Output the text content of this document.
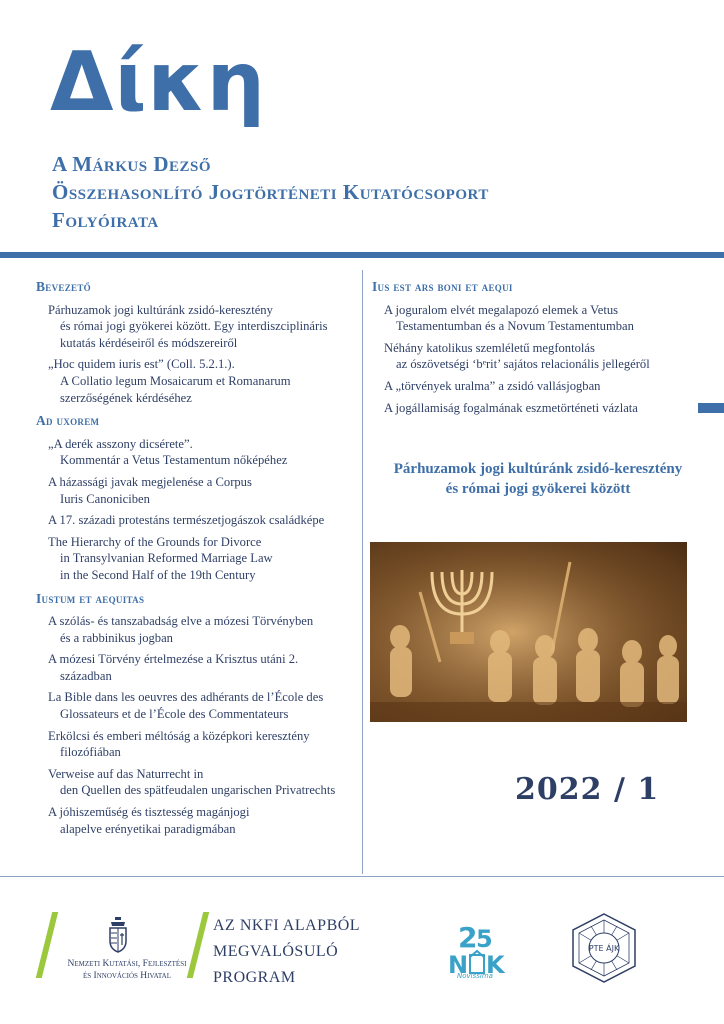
Δίκη
A Márkus Dezső
Összehasonlító Jogtörténeti Kutatócsoport
Folyóirata
Bevezető
Párhuzamok jogi kultúránk zsidó-keresztény
és római jogi gyökerei között. Egy interdiszciplináris
kutatás kérdéseiről és módszereiről
„Hoc quidem iuris est” (Coll. 5.2.1.).
A Collatio legum Mosaicarum et Romanarum
szerzőségének kérdéséhez
Ad uxorem
„A derék asszony dicsérete”.
Kommentár a Vetus Testamentum nőképéhez
A házassági javak megjelenése a Corpus
Iuris Canoniciben
A 17. századi protestáns természetjogászok családképe
The Hierarchy of the Grounds for Divorce
in Transylvanian Reformed Marriage Law
in the Second Half of the 19th Century
Iustum et aequitas
A szólás- és tanszabadság elve a mózesi Törvényben
és a rabbinikus jogban
A mózesi Törvény értelmezése a Krisztus utáni 2.
században
La Bible dans les oeuvres des adhérants de l’École des
Glossateurs et de l’École des Commentateurs
Erkölcsi és emberi méltóság a középkori keresztény
filozófiában
Verweise auf das Naturrecht in
den Quellen des spätfeudalen ungarischen Privatrechts
A jóhiszeműség és tisztesség magánjogi
alapelve erényetikai paradigmában
Ius est ars boni et aequi
A joguralom elvét megalapozó elemek a Vetus
Testamentumban és a Novum Testamentumban
Néhány katolikus szemléletű megfontolás
az ószövetségi ‘bᵉrit’ sajátos relacionális jellegéről
A „törvények uralma” a zsidó vallásjogban
A jogállamiság fogalmának eszmetörténeti vázlata
Párhuzamok jogi kultúránk zsidó-keresztény
és római jogi gyökerei között
2022 / 1
Nemzeti Kutatási, Fejlesztési
és Innovációs Hivatal
AZ NKFI ALAPBÓL
MEGVALÓSULÓ
PROGRAM
2
5
N K
Novissima
PTE ÁJK
